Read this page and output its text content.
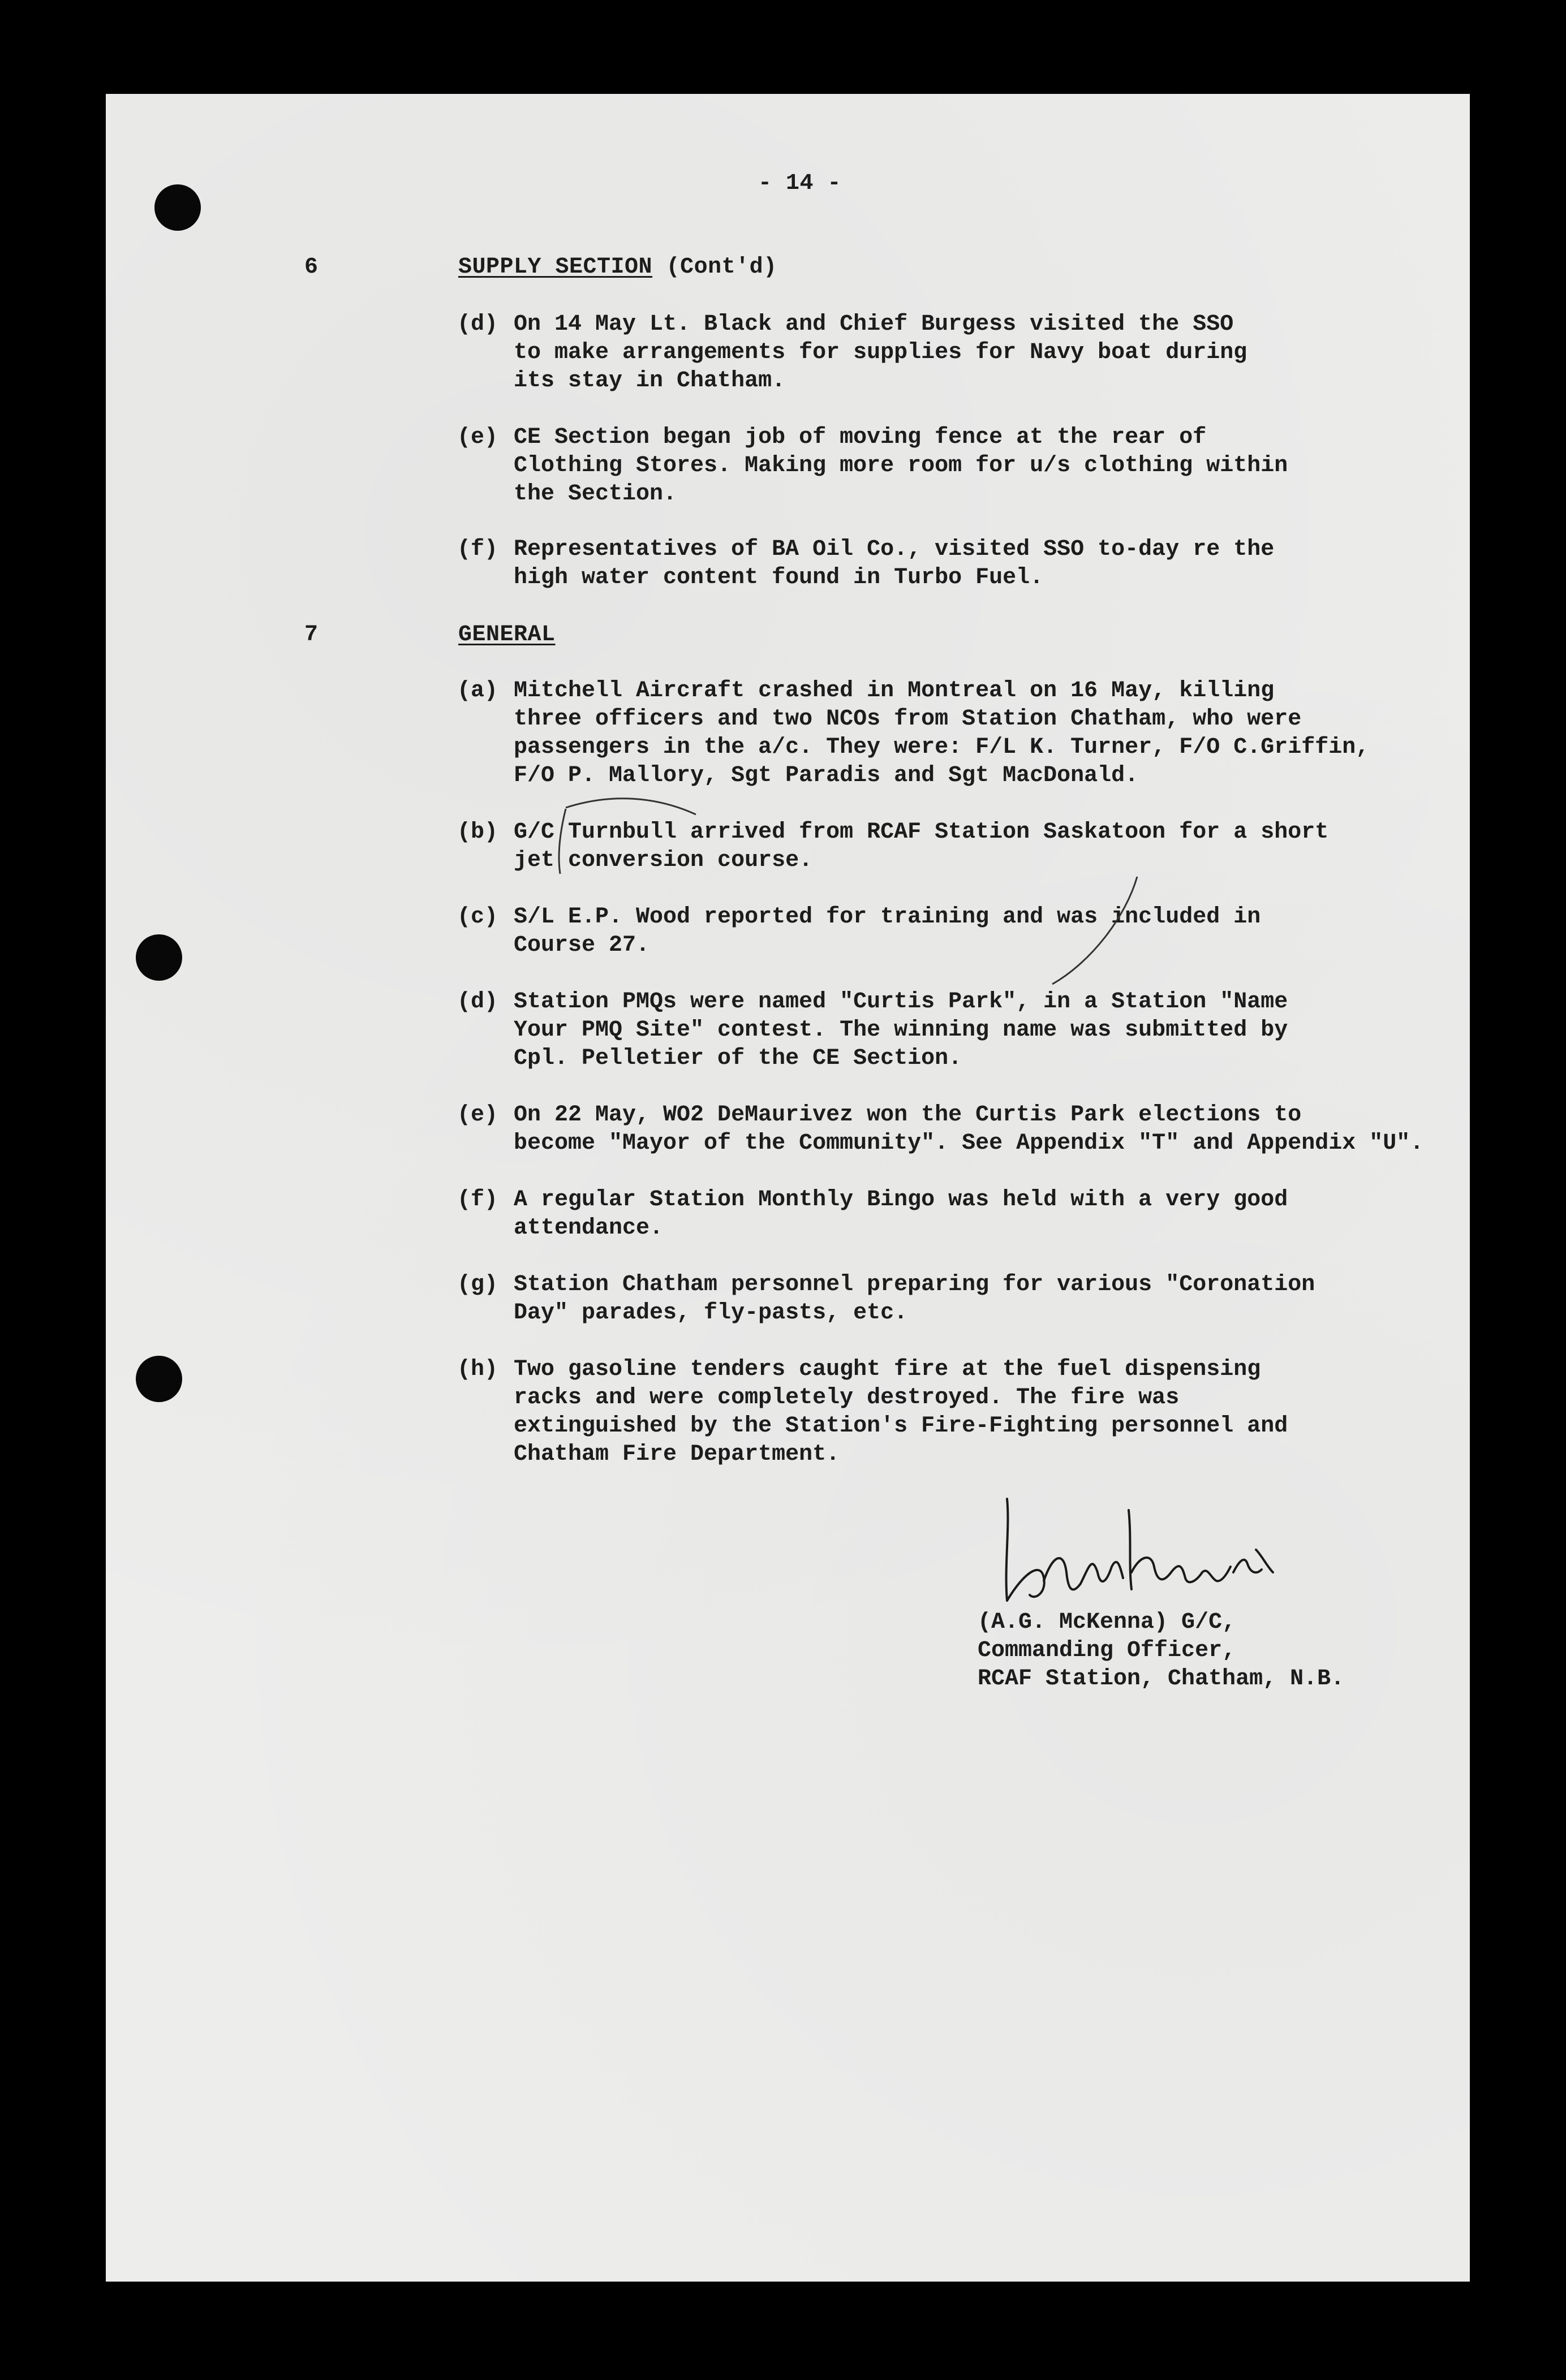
- 14 -
6	SUPPLY SECTION (Cont'd)
(d) On 14 May Lt. Black and Chief Burgess visited the SSO
to make arrangements for supplies for Navy boat during
its stay in Chatham.
(e) CE Section began job of moving fence at the rear of
Clothing Stores. Making more room for u/s clothing within
the Section.
(f) Representatives of BA Oil Co., visited SSO to-day re the
high water content found in Turbo Fuel.
7	GENERAL
(a) Mitchell Aircraft crashed in Montreal on 16 May, killing
three officers and two NCOs from Station Chatham, who were
passengers in the a/c. They were: F/L K. Turner, F/O C.Griffin,
F/O P. Mallory, Sgt Paradis and Sgt MacDonald.
(b) G/C Turnbull arrived from RCAF Station Saskatoon for a short
jet conversion course.
(c) S/L E.P. Wood reported for training and was included in
Course 27.
(d) Station PMQs were named "Curtis Park", in a Station "Name
Your PMQ Site" contest. The winning name was submitted by
Cpl. Pelletier of the CE Section.
(e) On 22 May, WO2 DeMaurivez won the Curtis Park elections to
become "Mayor of the Community". See Appendix "T" and Appendix "U".
(f) A regular Station Monthly Bingo was held with a very good
attendance.
(g) Station Chatham personnel preparing for various "Coronation
Day" parades, fly-pasts, etc.
(h) Two gasoline tenders caught fire at the fuel dispensing
racks and were completely destroyed. The fire was
extinguished by the Station's Fire-Fighting personnel and
Chatham Fire Department.
(A.G. McKenna) G/C,
Commanding Officer,
RCAF Station, Chatham, N.B.
